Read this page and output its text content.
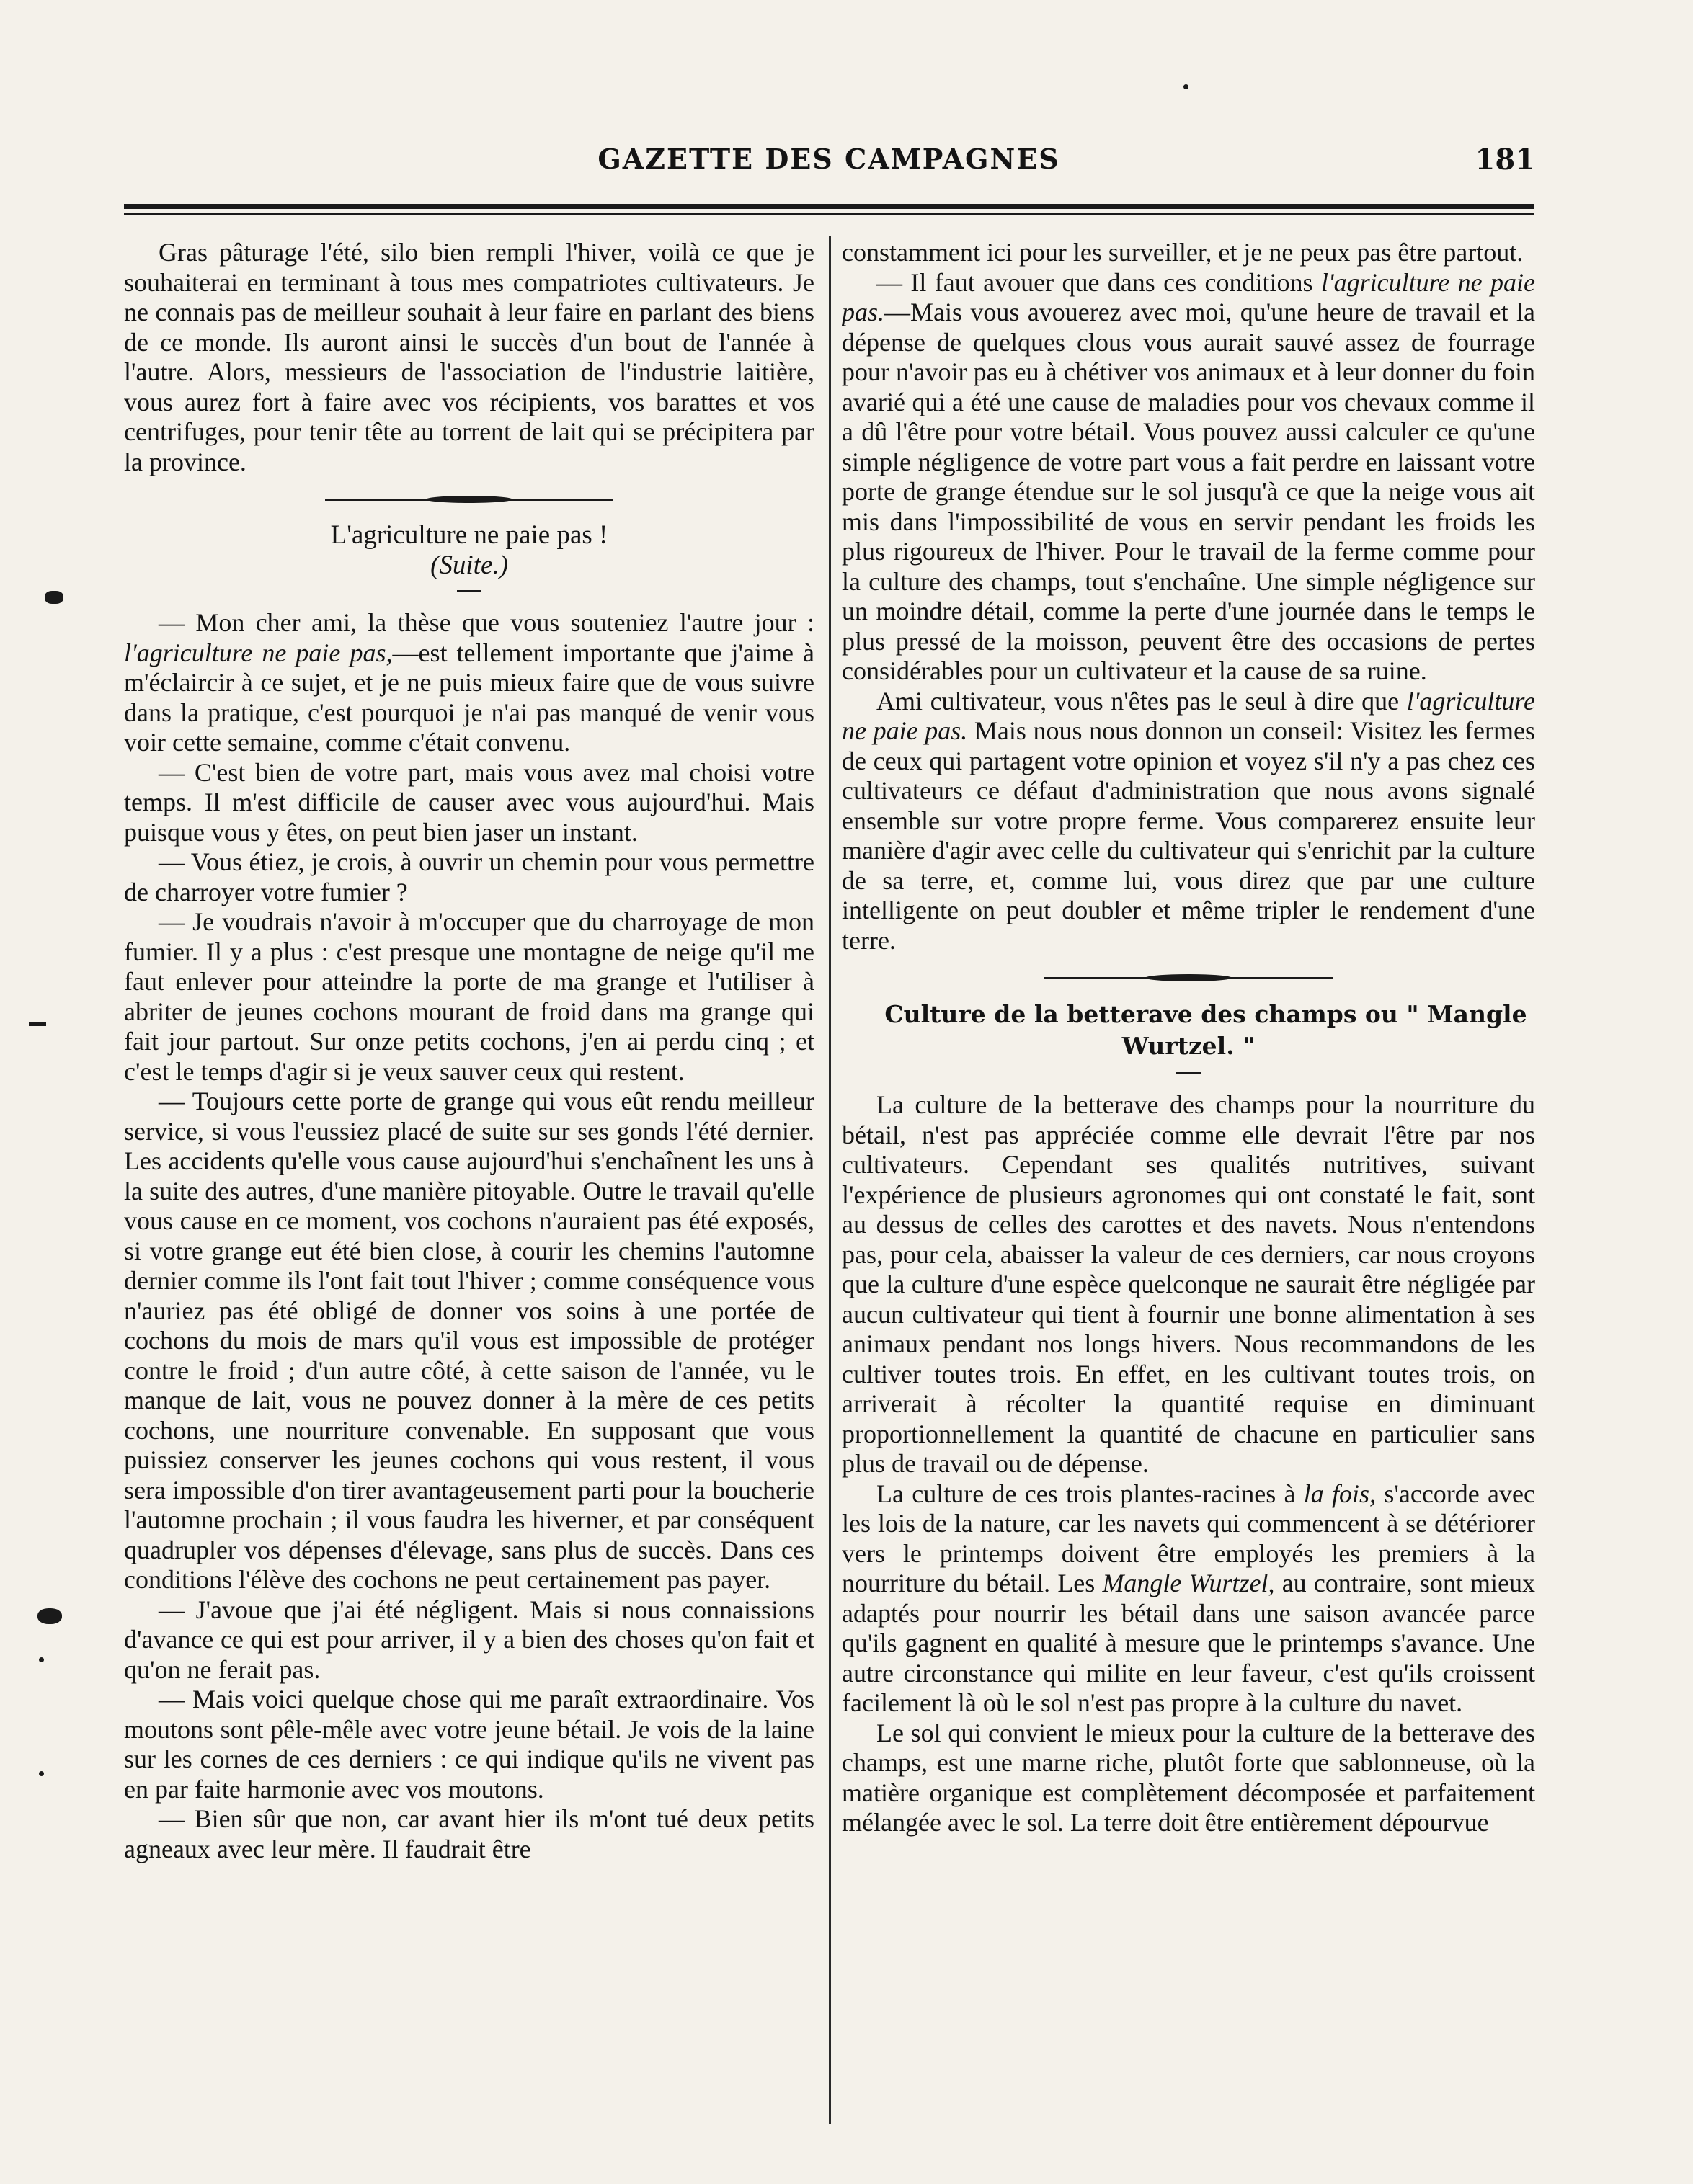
GAZETTE DES CAMPAGNES	181

Gras pâturage l'été, silo bien rempli l'hiver, voilà ce que je souhaiterai en terminant à tous mes compatriotes cultivateurs. Je ne connais pas de meilleur souhait à leur faire en parlant des biens de ce monde. Ils auront ainsi le succès d'un bout de l'année à l'autre. Alors, messieurs de l'association de l'industrie laitière, vous aurez fort à faire avec vos récipients, vos barattes et vos centrifuges, pour tenir tête au torrent de lait qui se précipitera par la province.

L'agriculture ne paie pas !

(Suite.)

— Mon cher ami, la thèse que vous souteniez l'autre jour : l'agriculture ne paie pas,—est tellement importante que j'aime à m'éclaircir à ce sujet, et je ne puis mieux faire que de vous suivre dans la pratique, c'est pourquoi je n'ai pas manqué de venir vous voir cette semaine, comme c'était convenu.

— C'est bien de votre part, mais vous avez mal choisi votre temps. Il m'est difficile de causer avec vous aujourd'hui. Mais puisque vous y êtes, on peut bien jaser un instant.

— Vous étiez, je crois, à ouvrir un chemin pour vous permettre de charroyer votre fumier ?

— Je voudrais n'avoir à m'occuper que du charroyage de mon fumier. Il y a plus : c'est presque une montagne de neige qu'il me faut enlever pour atteindre la porte de ma grange et l'utiliser à abriter de jeunes cochons mourant de froid dans ma grange qui fait jour partout. Sur onze petits cochons, j'en ai perdu cinq ; et c'est le temps d'agir si je veux sauver ceux qui restent.

— Toujours cette porte de grange qui vous eût rendu meilleur service, si vous l'eussiez placé de suite sur ses gonds l'été dernier. Les accidents qu'elle vous cause aujourd'hui s'enchaînent les uns à la suite des autres, d'une manière pitoyable. Outre le travail qu'elle vous cause en ce moment, vos cochons n'auraient pas été exposés, si votre grange eut été bien close, à courir les chemins l'automne dernier comme ils l'ont fait tout l'hiver ; comme conséquence vous n'auriez pas été obligé de donner vos soins à une portée de cochons du mois de mars qu'il vous est impossible de protéger contre le froid ; d'un autre côté, à cette saison de l'année, vu le manque de lait, vous ne pouvez donner à la mère de ces petits cochons, une nourriture convenable. En supposant que vous puissiez conserver les jeunes cochons qui vous restent, il vous sera impossible d'on tirer avantageusement parti pour la boucherie l'automne prochain ; il vous faudra les hiverner, et par conséquent quadrupler vos dépenses d'élevage, sans plus de succès. Dans ces conditions l'élève des cochons ne peut certainement pas payer.

— J'avoue que j'ai été négligent. Mais si nous connaissions d'avance ce qui est pour arriver, il y a bien des choses qu'on fait et qu'on ne ferait pas.

— Mais voici quelque chose qui me paraît extraordinaire. Vos moutons sont pêle-mêle avec votre jeune bétail. Je vois de la laine sur les cornes de ces derniers : ce qui indique qu'ils ne vivent pas en par faite harmonie avec vos moutons.

— Bien sûr que non, car avant hier ils m'ont tué deux petits agneaux avec leur mère. Il faudrait être

constamment ici pour les surveiller, et je ne peux pas être partout.

— Il faut avouer que dans ces conditions l'agriculture ne paie pas.—Mais vous avouerez avec moi, qu'une heure de travail et la dépense de quelques clous vous aurait sauvé assez de fourrage pour n'avoir pas eu à chétiver vos animaux et à leur donner du foin avarié qui a été une cause de maladies pour vos chevaux comme il a dû l'être pour votre bétail. Vous pouvez aussi calculer ce qu'une simple négligence de votre part vous a fait perdre en laissant votre porte de grange étendue sur le sol jusqu'à ce que la neige vous ait mis dans l'impossibilité de vous en servir pendant les froids les plus rigoureux de l'hiver. Pour le travail de la ferme comme pour la culture des champs, tout s'enchaîne. Une simple négligence sur un moindre détail, comme la perte d'une journée dans le temps le plus pressé de la moisson, peuvent être des occasions de pertes considérables pour un cultivateur et la cause de sa ruine.

Ami cultivateur, vous n'êtes pas le seul à dire que l'agriculture ne paie pas. Mais nous nous donnon un conseil: Visitez les fermes de ceux qui partagent votre opinion et voyez s'il n'y a pas chez ces cultivateurs ce défaut d'administration que nous avons signalé ensemble sur votre propre ferme. Vous comparerez ensuite leur manière d'agir avec celle du cultivateur qui s'enrichit par la culture de sa terre, et, comme lui, vous direz que par une culture intelligente on peut doubler et même tripler le rendement d'une terre.

Culture de la betterave des champs ou " Mangle Wurtzel. "

La culture de la betterave des champs pour la nourriture du bétail, n'est pas appréciée comme elle devrait l'être par nos cultivateurs. Cependant ses qualités nutritives, suivant l'expérience de plusieurs agronomes qui ont constaté le fait, sont au dessus de celles des carottes et des navets. Nous n'entendons pas, pour cela, abaisser la valeur de ces derniers, car nous croyons que la culture d'une espèce quelconque ne saurait être négligée par aucun cultivateur qui tient à fournir une bonne alimentation à ses animaux pendant nos longs hivers. Nous recommandons de les cultiver toutes trois. En effet, en les cultivant toutes trois, on arriverait à récolter la quantité requise en diminuant proportionnellement la quantité de chacune en particulier sans plus de travail ou de dépense.

La culture de ces trois plantes-racines à la fois, s'accorde avec les lois de la nature, car les navets qui commencent à se détériorer vers le printemps doivent être employés les premiers à la nourriture du bétail. Les Mangle Wurtzel, au contraire, sont mieux adaptés pour nourrir les bétail dans une saison avancée parce qu'ils gagnent en qualité à mesure que le printemps s'avance. Une autre circonstance qui milite en leur faveur, c'est qu'ils croissent facilement là où le sol n'est pas propre à la culture du navet.

Le sol qui convient le mieux pour la culture de la betterave des champs, est une marne riche, plutôt forte que sablonneuse, où la matière organique est complètement décomposée et parfaitement mélangée avec le sol. La terre doit être entièrement dépourvue
